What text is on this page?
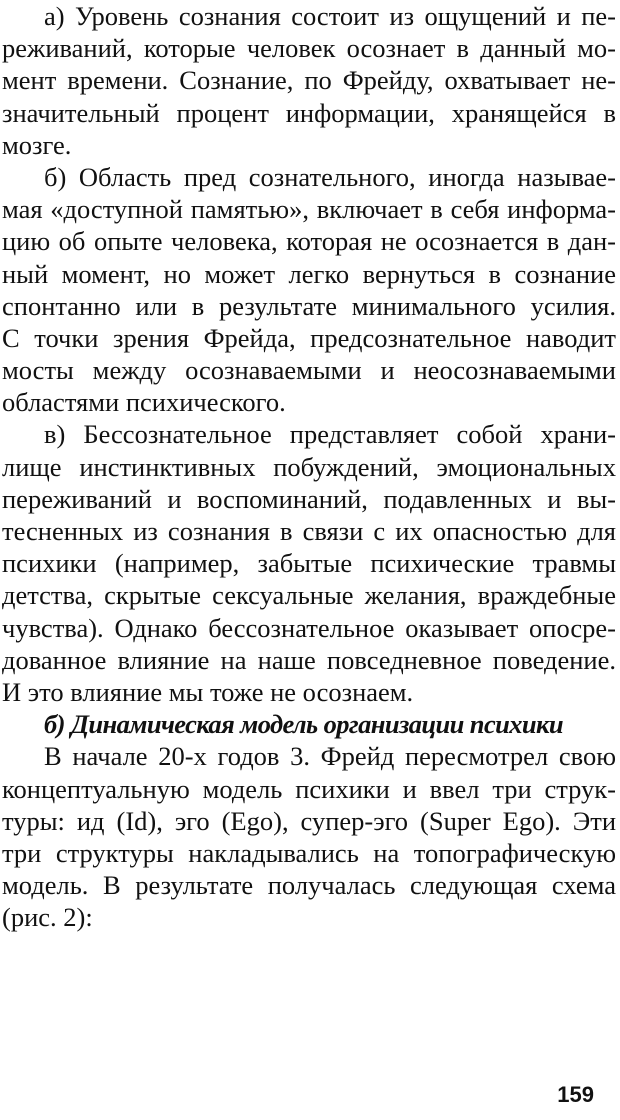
а) Уровень сознания состоит из ощущений и пе-
реживаний, которые человек осознает в данный мо-
мент времени. Сознание, по Фрейду, охватывает не-
значительный процент информации, хранящейся в
мозге.
б) Область пред сознательного, иногда называе-
мая «доступной памятью», включает в себя информа-
цию об опыте человека, которая не осознается в дан-
ный момент, но может легко вернуться в сознание
спонтанно или в результате минимального усилия.
С точки зрения Фрейда, предсознательное наводит
мосты между осознаваемыми и неосознаваемыми
областями психического.
в) Бессознательное представляет собой храни-
лище инстинктивных побуждений, эмоциональных
переживаний и воспоминаний, подавленных и вы-
тесненных из сознания в связи с их опасностью для
психики (например, забытые психические травмы
детства, скрытые сексуальные желания, враждебные
чувства). Однако бессознательное оказывает опосре-
дованное влияние на наше повседневное поведение.
И это влияние мы тоже не осознаем.
б) Динамическая модель организации психики
В начале 20-х годов 3. Фрейд пересмотрел свою
концептуальную модель психики и ввел три струк-
туры: ид (Id), эго (Ego), супер-эго (Super Ego). Эти
три структуры накладывались на топографическую
модель. В результате получалась следующая схема
(рис. 2):
159
